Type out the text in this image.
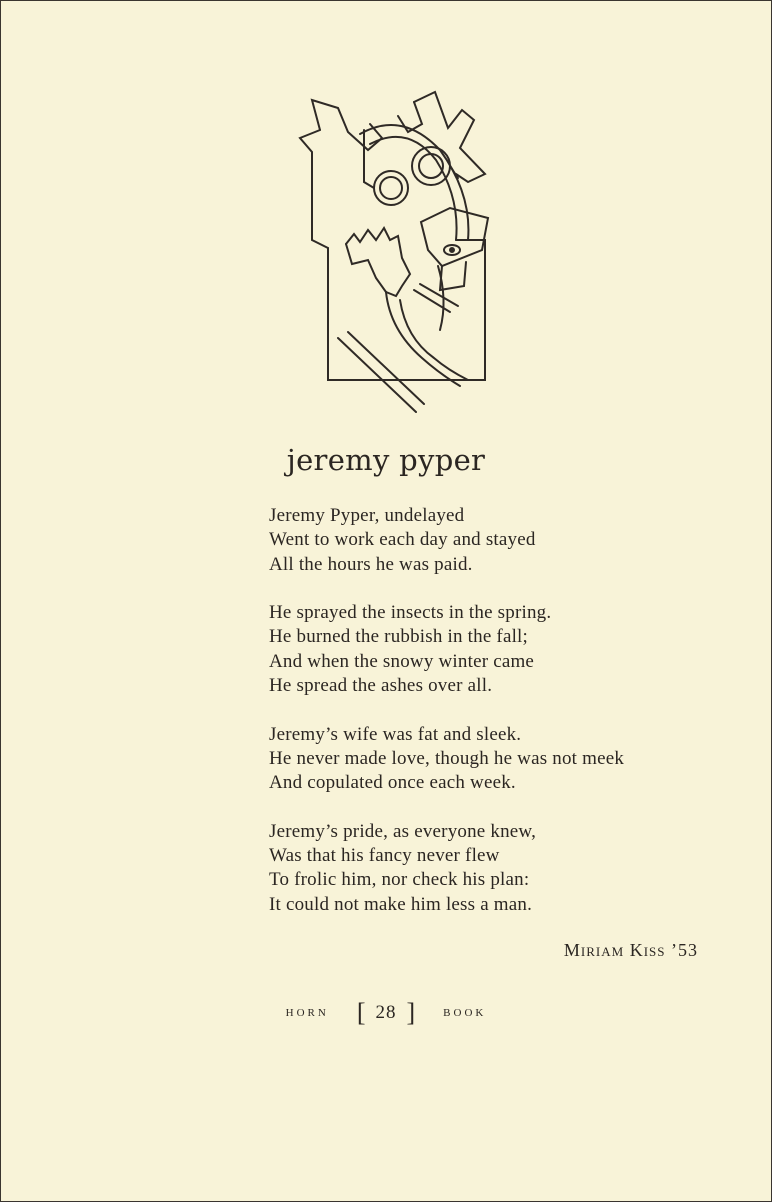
jeremy pyper
Jeremy Pyper, undelayed
Went to work each day and stayed
All the hours he was paid.
He sprayed the insects in the spring.
He burned the rubbish in the fall;
And when the snowy winter came
He spread the ashes over all.
Jeremy’s wife was fat and sleek.
He never made love, though he was not meek
And copulated once each week.
Jeremy’s pride, as everyone knew,
Was that his fancy never flew
To frolic him, nor check his plan:
It could not make him less a man.
Miriam Kiss ’53
HORN [ 28 ]	BOOK
